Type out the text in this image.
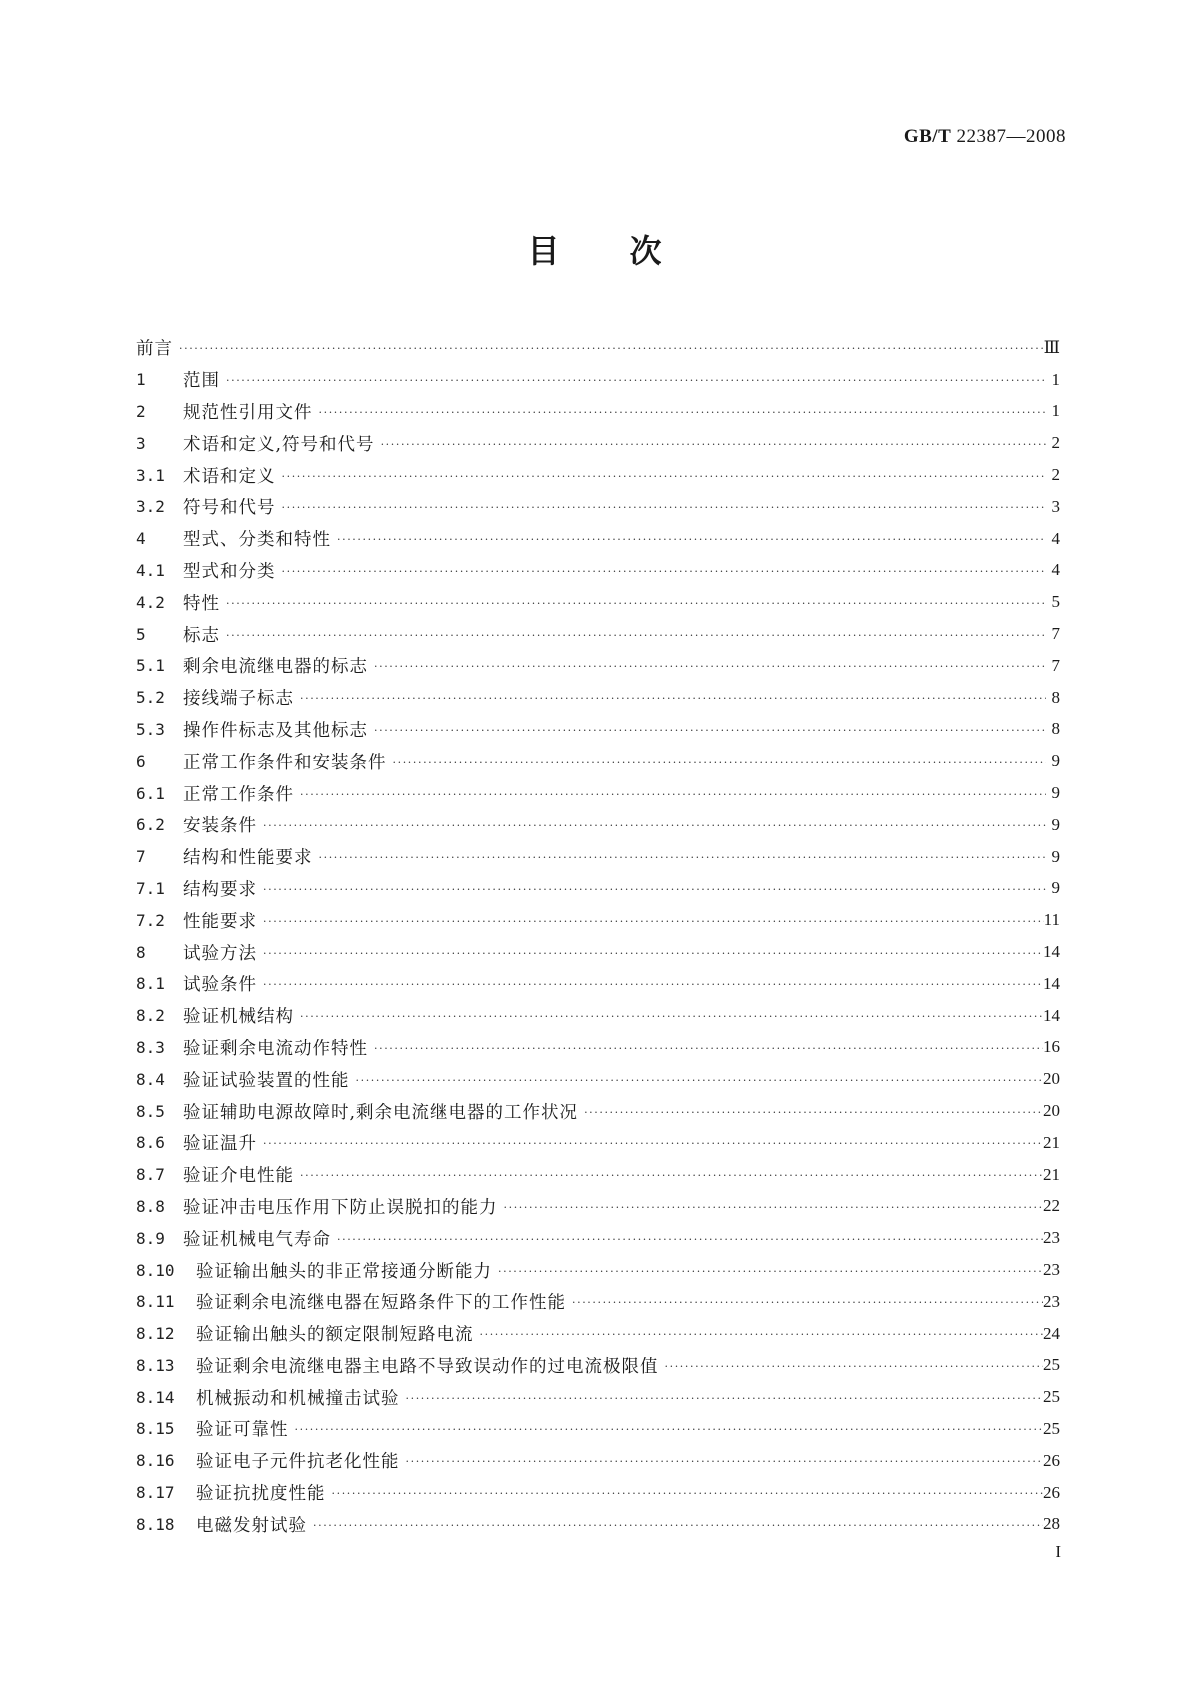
GB/T 22387—2008
目 次
前言 ·····	Ⅲ
1	范围 ·····	1
2	规范性引用文件 ·····	1
3	术语和定义,符号和代号 ·····	2
3.1	术语和定义 ·····	2
3.2	符号和代号 ·····	3
4	型式、分类和特性 ·····	4
4.1	型式和分类 ·····	4
4.2	特性 ·····	5
5	标志 ·····	7
5.1	剩余电流继电器的标志 ·····	7
5.2	接线端子标志 ·····	8
5.3	操作件标志及其他标志 ·····	8
6	正常工作条件和安装条件 ·····	9
6.1	正常工作条件 ·····	9
6.2	安装条件 ·····	9
7	结构和性能要求 ·····	9
7.1	结构要求 ·····	9
7.2	性能要求 ·····	11
8	试验方法 ·····	14
8.1	试验条件 ·····	14
8.2	验证机械结构 ·····	14
8.3	验证剩余电流动作特性 ·····	16
8.4	验证试验装置的性能 ·····	20
8.5	验证辅助电源故障时,剩余电流继电器的工作状况 ·····	20
8.6	验证温升 ·····	21
8.7	验证介电性能 ·····	21
8.8	验证冲击电压作用下防止误脱扣的能力 ·····	22
8.9	验证机械电气寿命 ·····	23
8.10	验证输出触头的非正常接通分断能力 ·····	23
8.11	验证剩余电流继电器在短路条件下的工作性能 ·····	23
8.12	验证输出触头的额定限制短路电流 ·····	24
8.13	验证剩余电流继电器主电路不导致误动作的过电流极限值 ·····	25
8.14	机械振动和机械撞击试验 ·····	25
8.15	验证可靠性 ·····	25
8.16	验证电子元件抗老化性能 ·····	26
8.17	验证抗扰度性能 ·····	26
8.18	电磁发射试验 ·····	28
I
